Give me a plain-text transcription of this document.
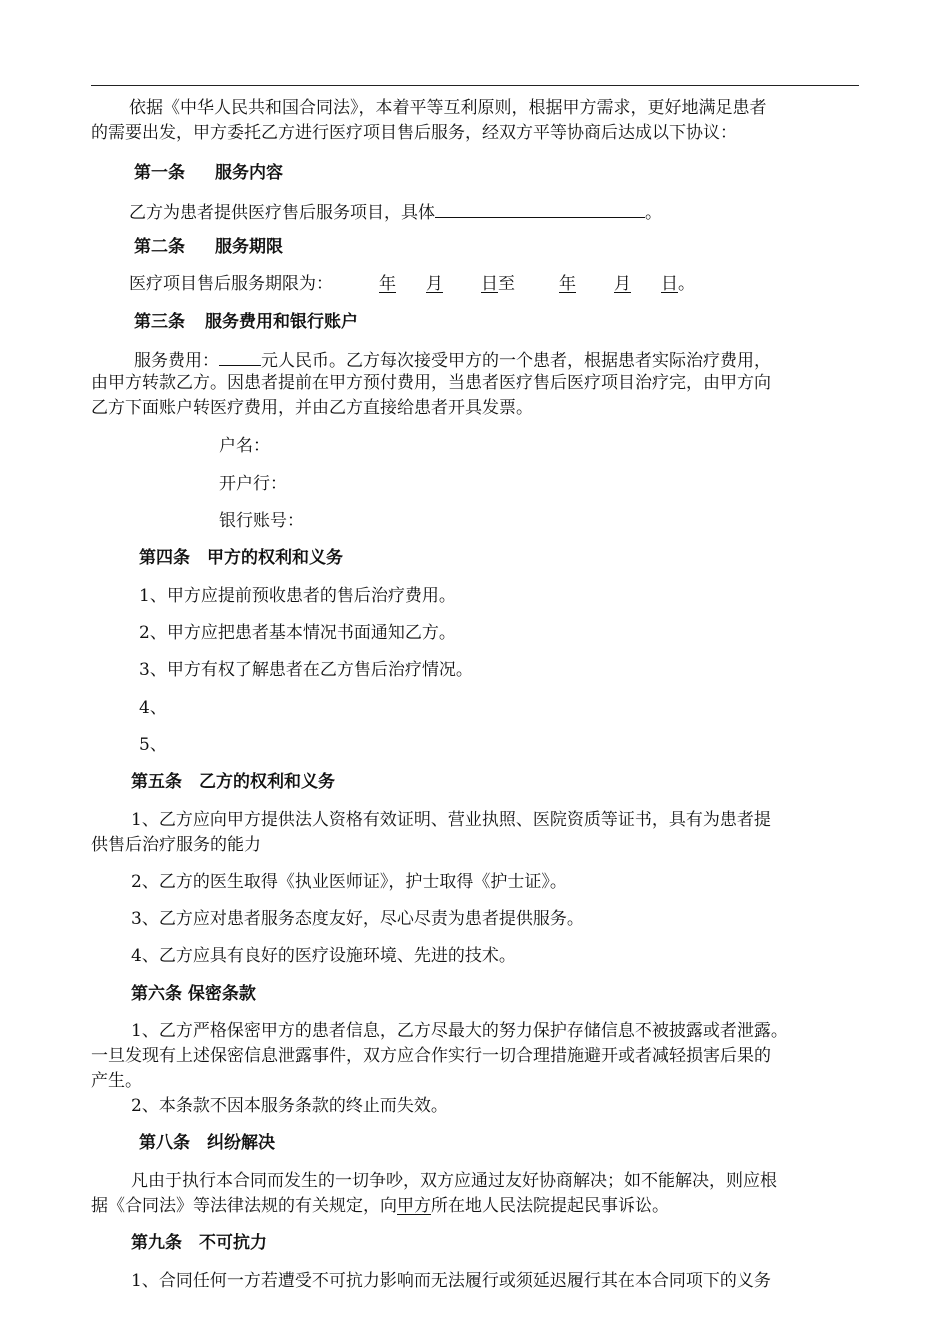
依据《中华人民共和国合同法》，本着平等互利原则，根据甲方需求，更好地满足患者
的需要出发，甲方委托乙方进行医疗项目售后服务，经双方平等协商后达成以下协议：
第一条 服务内容
乙方为患者提供医疗售后服务项目，具体	。
第二条 服务期限
医疗项目售后服务期限为：	年 月 日至	年 月 日。
第三条 服务费用和银行账户
服务费用： 元人民币。乙方每次接受甲方的一个患者，根据患者实际治疗费用，
由甲方转款乙方。因患者提前在甲方预付费用，当患者医疗售后医疗项目治疗完，由甲方向
乙方下面账户转医疗费用，并由乙方直接给患者开具发票。
户名：
开户行：
银行账号：
第四条　甲方的权利和义务
1、甲方应提前预收患者的售后治疗费用。
2、甲方应把患者基本情况书面通知乙方。
3、甲方有权了解患者在乙方售后治疗情况。
4、
5、
第五条　乙方的权利和义务
1、乙方应向甲方提供法人资格有效证明、营业执照、医院资质等证书，具有为患者提
供售后治疗服务的能力
2、乙方的医生取得《执业医师证》，护士取得《护士证》。
3、乙方应对患者服务态度友好，尽心尽责为患者提供服务。
4、乙方应具有良好的医疗设施环境、先进的技术。
第六条 保密条款
1、乙方严格保密甲方的患者信息，乙方尽最大的努力保护存储信息不被披露或者泄露。
一旦发现有上述保密信息泄露事件，双方应合作实行一切合理措施避开或者减轻损害后果的
产生。
2、本条款不因本服务条款的终止而失效。
第八条　纠纷解决
凡由于执行本合同而发生的一切争吵，双方应通过友好协商解决；如不能解决，则应根
据《合同法》等法律法规的有关规定，向甲方所在地人民法院提起民事诉讼。
第九条　不可抗力
1、合同任何一方若遭受不可抗力影响而无法履行或须延迟履行其在本合同项下的义务
